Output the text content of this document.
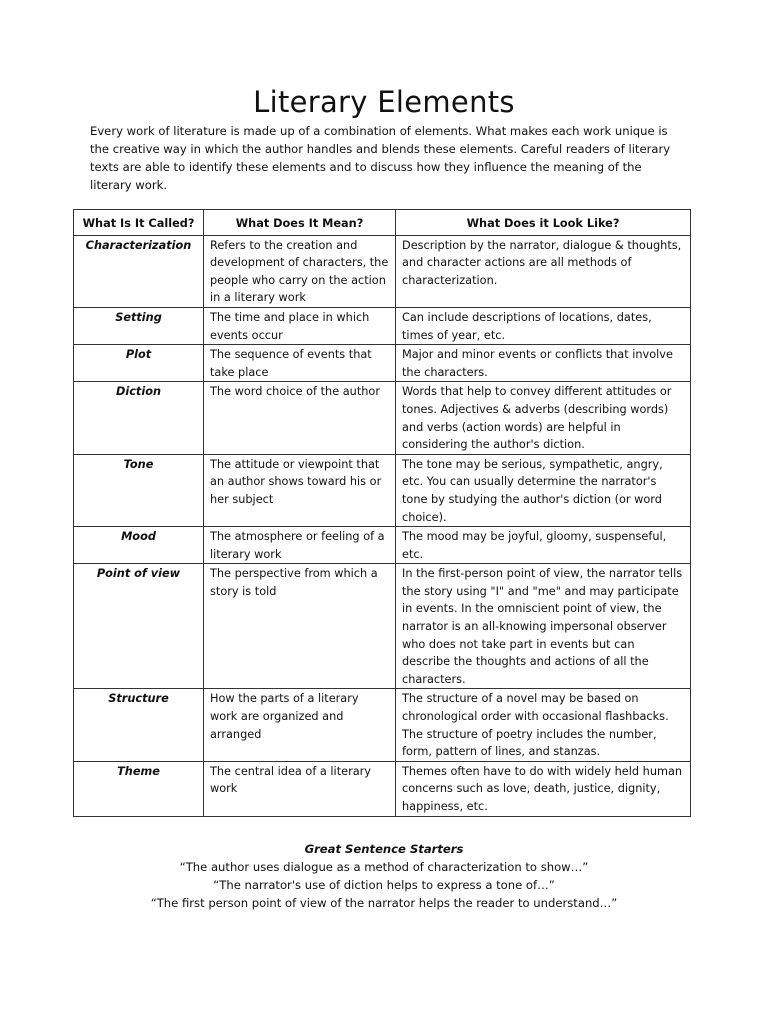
Literary Elements

Every work of literature is made up of a combination of elements. What makes each work unique is the creative way in which the author handles and blends these elements. Careful readers of literary texts are able to identify these elements and to discuss how they influence the meaning of the literary work.

What Is It Called?	What Does It Mean?	What Does it Look Like?
Characterization	Refers to the creation and development of characters, the people who carry on the action in a literary work	Description by the narrator, dialogue & thoughts, and character actions are all methods of characterization.
Setting	The time and place in which events occur	Can include descriptions of locations, dates, times of year, etc.
Plot	The sequence of events that take place	Major and minor events or conflicts that involve the characters.
Diction	The word choice of the author	Words that help to convey different attitudes or tones. Adjectives & adverbs (describing words) and verbs (action words) are helpful in considering the author's diction.
Tone	The attitude or viewpoint that an author shows toward his or her subject	The tone may be serious, sympathetic, angry, etc. You can usually determine the narrator's tone by studying the author's diction (or word choice).
Mood	The atmosphere or feeling of a literary work	The mood may be joyful, gloomy, suspenseful, etc.
Point of view	The perspective from which a story is told	In the first-person point of view, the narrator tells the story using "I" and "me" and may participate in events. In the omniscient point of view, the narrator is an all-knowing impersonal observer who does not take part in events but can describe the thoughts and actions of all the characters.
Structure	How the parts of a literary work are organized and arranged	The structure of a novel may be based on chronological order with occasional flashbacks. The structure of poetry includes the number, form, pattern of lines, and stanzas.
Theme	The central idea of a literary work	Themes often have to do with widely held human concerns such as love, death, justice, dignity, happiness, etc.
Great Sentence Starters
“The author uses dialogue as a method of characterization to show…”
“The narrator's use of diction helps to express a tone of…”
“The first person point of view of the narrator helps the reader to understand…”
